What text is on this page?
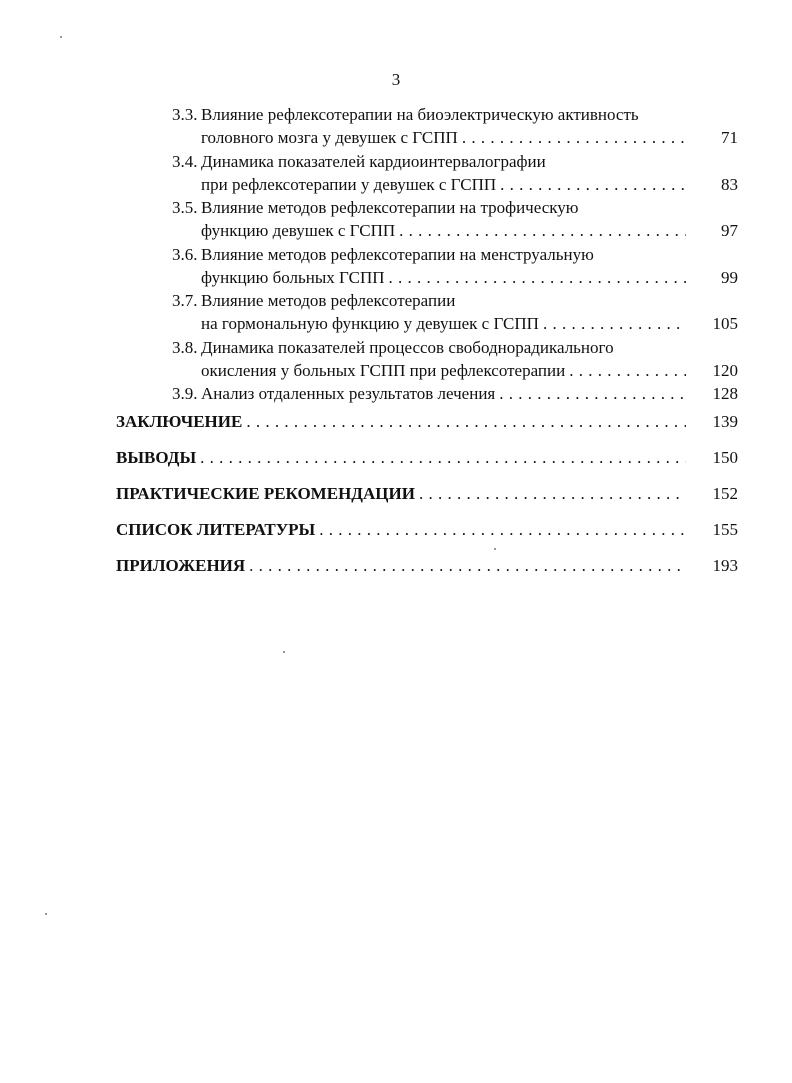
3
3.3. Влияние рефлексотерапии на биоэлектрическую активность
головного мозга у девушек с ГСПП . . .	71
3.4. Динамика показателей кардиоинтервалографии
при рефлексотерапии у девушек с ГСПП . . .	83
3.5. Влияние методов рефлексотерапии на трофическую
функцию девушек с ГСПП . . .	97
3.6. Влияние методов рефлексотерапии на менструальную
функцию больных ГСПП . . .	99
3.7. Влияние методов рефлексотерапии
на гормональную функцию у девушек с ГСПП . . .	105
3.8. Динамика показателей процессов свободнорадикального
окисления у больных ГСПП при рефлексотерапии . . .	120
3.9. Анализ отдаленных результатов лечения . . .	128
ЗАКЛЮЧЕНИЕ . . .	139
ВЫВОДЫ . . .	150
ПРАКТИЧЕСКИЕ РЕКОМЕНДАЦИИ . . .	152
СПИСОК ЛИТЕРАТУРЫ . . .	155
ПРИЛОЖЕНИЯ . . .	193
